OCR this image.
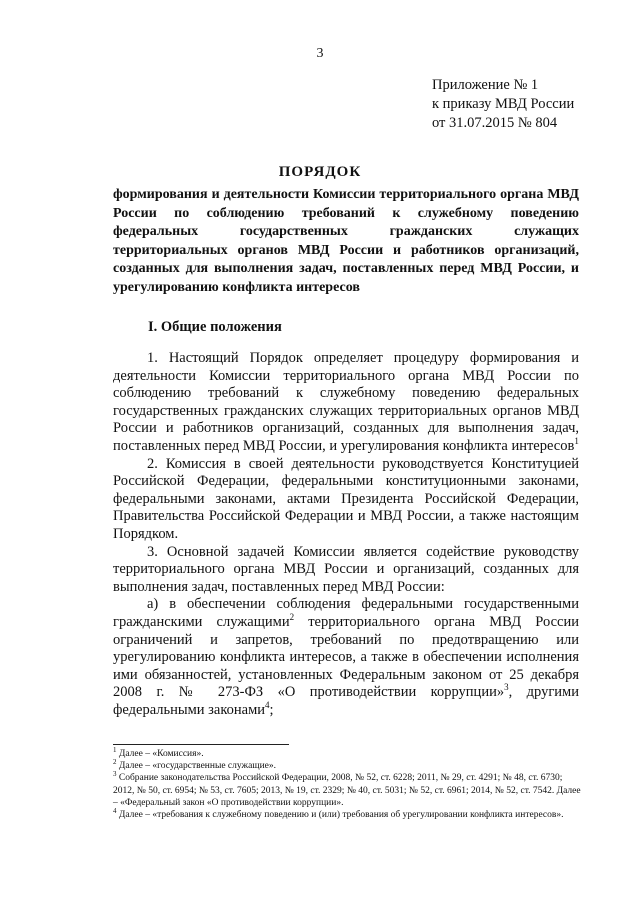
3
Приложение № 1
к приказу МВД России
от 31.07.2015 № 804
ПОРЯДОК
формирования и деятельности Комиссии территориального органа МВД России по соблюдению требований к служебному поведению федеральных государственных гражданских служащих территориальных органов МВД России и работников организаций, созданных для выполнения задач, поставленных перед МВД России, и урегулированию конфликта интересов
I. Общие положения

1. Настоящий Порядок определяет процедуру формирования и деятельности Комиссии территориального органа МВД России по соблюдению требований к служебному поведению федеральных государственных гражданских служащих территориальных органов МВД России и работников организаций, созданных для выполнения задач, поставленных перед МВД России, и урегулирования конфликта интересов$^1$

2. Комиссия в своей деятельности руководствуется Конституцией Российской Федерации, федеральными конституционными законами, федеральными законами, актами Президента Российской Федерации, Правительства Российской Федерации и МВД России, а также настоящим Порядком.

3. Основной задачей Комиссии является содействие руководству территориального органа МВД России и организаций, созданных для выполнения задач, поставленных перед МВД России:

а) в обеспечении соблюдения федеральными государственными гражданскими служащими$^2$ территориального органа МВД России ограничений и запретов, требований по предотвращению или урегулированию конфликта интересов, а также в обеспечении исполнения ими обязанностей, установленных Федеральным законом от 25 декабря 2008 г. № 273-ФЗ «О противодействии коррупции»$^3$, другими федеральными законами$^4$;

$^1$ Далее – «Комиссия».
$^2$ Далее – «государственные служащие».
$^3$ Собрание законодательства Российской Федерации, 2008, № 52, ст. 6228; 2011, № 29, ст. 4291; № 48, ст. 6730; 2012, № 50, ст. 6954; № 53, ст. 7605; 2013, № 19, ст. 2329; № 40, ст. 5031; № 52, ст. 6961; 2014, № 52, ст. 7542. Далее – «Федеральный закон «О противодействии коррупции».
$^4$ Далее – «требования к служебному поведению и (или) требования об урегулировании конфликта интересов».
